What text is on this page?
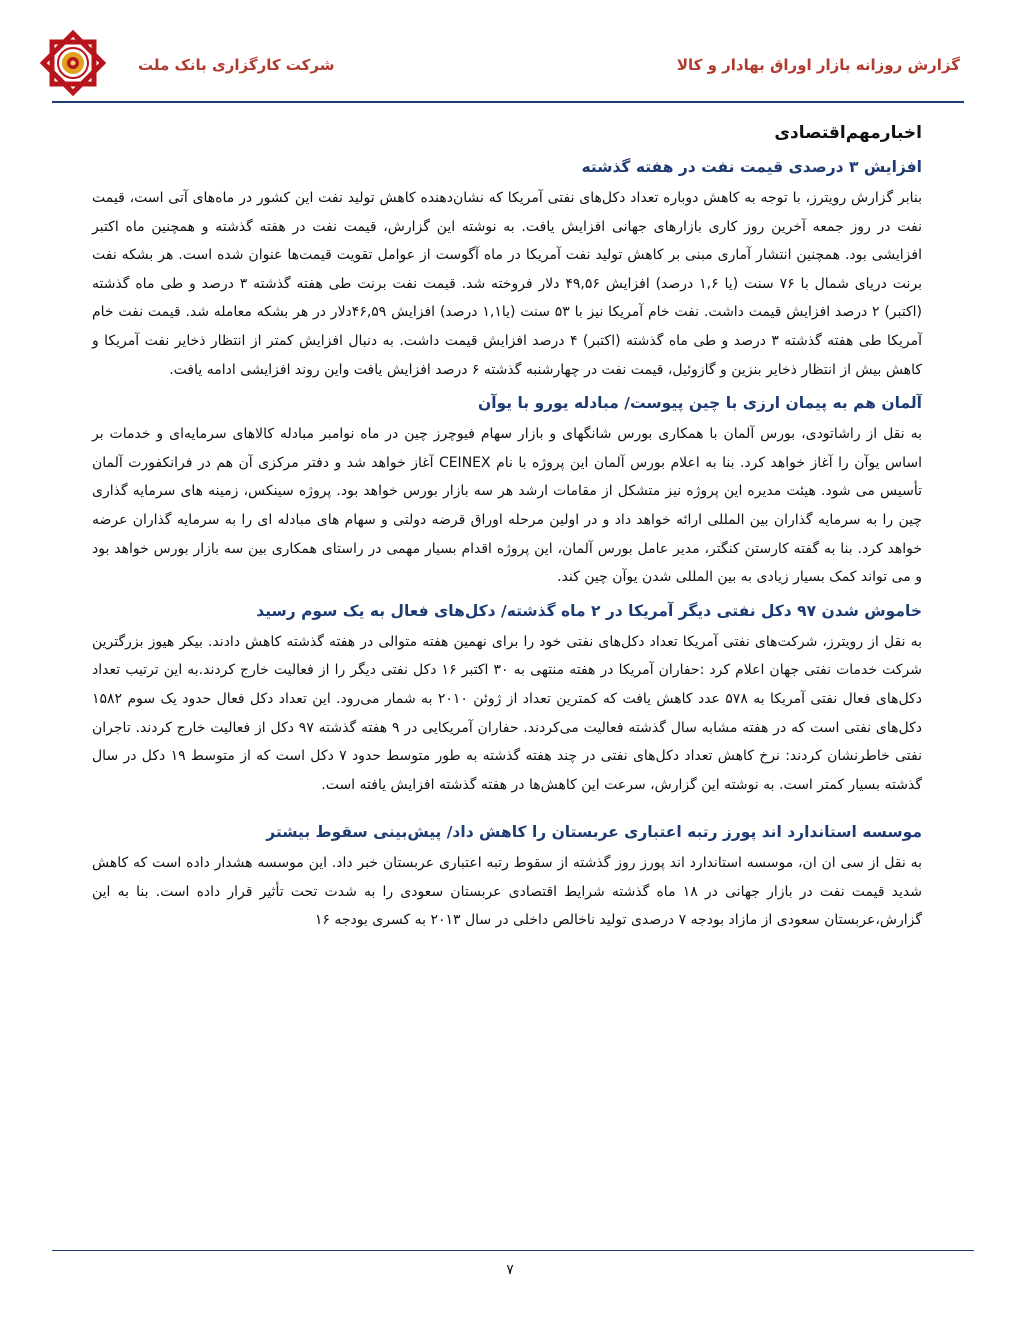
شرکت کارگزاری بانک ملت	گزارش روزانه بازار اوراق بهادار و کالا
اخبارمهم‌اقتصادی
افزایش ۳ درصدی قیمت نفت در هفته گذشته

بنابر گزارش رویترز، با توجه به کاهش دوباره تعداد دکل‌های نفتی آمریکا که نشان‌دهنده کاهش تولید نفت این کشور در ماه‌های آتی است، قیمت نفت در روز جمعه آخرین روز کاری بازارهای جهانی افزایش یافت. به نوشته این گزارش، قیمت نفت در هفته گذشته و همچنین ماه اکتبر افزایشی بود. همچنین انتشار آماری مبنی بر کاهش تولید نفت آمریکا در ماه آگوست از عوامل تقویت قیمت‌ها عنوان شده است. هر بشکه نفت برنت دریای شمال با ۷۶ سنت (یا ۱,۶ درصد) افزایش ۴۹,۵۶ دلار فروخته شد. قیمت نفت برنت طی هفته گذشته ۳ درصد و طی ماه گذشته (اکتبر) ۲ درصد افزایش قیمت داشت. نفت خام آمریکا نیز با ۵۳ سنت (یا۱,۱ درصد) افزایش ۴۶,۵۹دلار در هر بشکه معامله شد. قیمت نفت خام آمریکا طی هفته گذشته ۳ درصد و طی ماه گذشته (اکتبر) ۴ درصد افزایش قیمت داشت. به دنبال افزایش کمتر از انتظار ذخایر نفت آمریکا و کاهش بیش از انتظار ذخایر بنزین و گازوئیل، قیمت نفت در چهارشنبه گذشته ۶ درصد افزایش یافت واین روند افزایشی ادامه یافت.

آلمان هم به پیمان ارزی با چین پیوست/ مبادله یورو با یوآن

به نقل از راشاتودی، بورس آلمان با همکاری بورس شانگهای و بازار سهام فیوچرز چین در ماه نوامبر مبادله کالاهای سرمایه‌ای و خدمات بر اساس یوآن را آغاز خواهد کرد. بنا به اعلام بورس آلمان این پروژه با نام CEINEX آغاز خواهد شد و دفتر مرکزی آن هم در فرانکفورت آلمان تأسیس می شود. هیئت مدیره این پروژه نیز متشکل از مقامات ارشد هر سه بازار بورس خواهد بود. پروژه سینکس، زمینه های سرمایه گذاری چین را به سرمایه گذاران بین المللی ارائه خواهد داد و در اولین مرحله اوراق قرضه دولتی و سهام های مبادله ای را به سرمایه گذاران عرضه خواهد کرد. بنا به گفته کارستن کنگتر، مدیر عامل بورس آلمان، این پروژه اقدام بسیار مهمی در راستای همکاری بین سه بازار بورس خواهد بود و می تواند کمک بسیار زیادی به بین المللی شدن یوآن چین کند.

خاموش شدن ۹۷ دکل نفتی دیگر آمریکا در ۲ ماه گذشته/ دکل‌های فعال به یک سوم رسید

به نقل از رویترز، شرکت‌های نفتی آمریکا تعداد دکل‌های نفتی خود را برای نهمین هفته متوالی در هفته گذشته کاهش دادند. بیکر هیوز بزرگترین شرکت خدمات نفتی جهان اعلام کرد :حفاران آمریکا در هفته منتهی به ۳۰ اکتبر ۱۶ دکل نفتی دیگر را از فعالیت خارج کردند.به این ترتیب تعداد دکل‌های فعال نفتی آمریکا به ۵۷۸ عدد کاهش یافت که کمترین تعداد از ژوئن ۲۰۱۰ به شمار می‌رود. این تعداد دکل فعال حدود یک سوم ۱۵۸۲ دکل‌های نفتی است که در هفته مشابه سال گذشته فعالیت می‌کردند. حفاران آمریکایی در ۹ هفته گذشته ۹۷ دکل از فعالیت خارج کردند. تاجران نفتی خاطرنشان کردند: نرخ کاهش تعداد دکل‌های نفتی در چند هفته گذشته به طور متوسط حدود ۷ دکل است که از متوسط ۱۹ دکل در سال گذشته بسیار کمتر است. به نوشته این گزارش، سرعت این کاهش‌ها در هفته گذشته افزایش یافته است.

موسسه استاندارد اند پورز رتبه اعتباری عربستان را کاهش داد/ پیش‌بینی سقوط بیشتر

به نقل از سی ان ان، موسسه استاندارد اند پورز روز گذشته از سقوط رتبه اعتباری عربستان خبر داد. این موسسه هشدار داده است که کاهش شدید قیمت نفت در بازار جهانی در ۱۸ ماه گذشته شرایط اقتصادی عربستان سعودی را به شدت تحت تأثیر قرار داده است. بنا به این گزارش،عربستان سعودی از مازاد بودجه ۷ درصدی تولید ناخالص داخلی در سال ۲۰۱۳ به کسری بودجه ۱۶

۷
